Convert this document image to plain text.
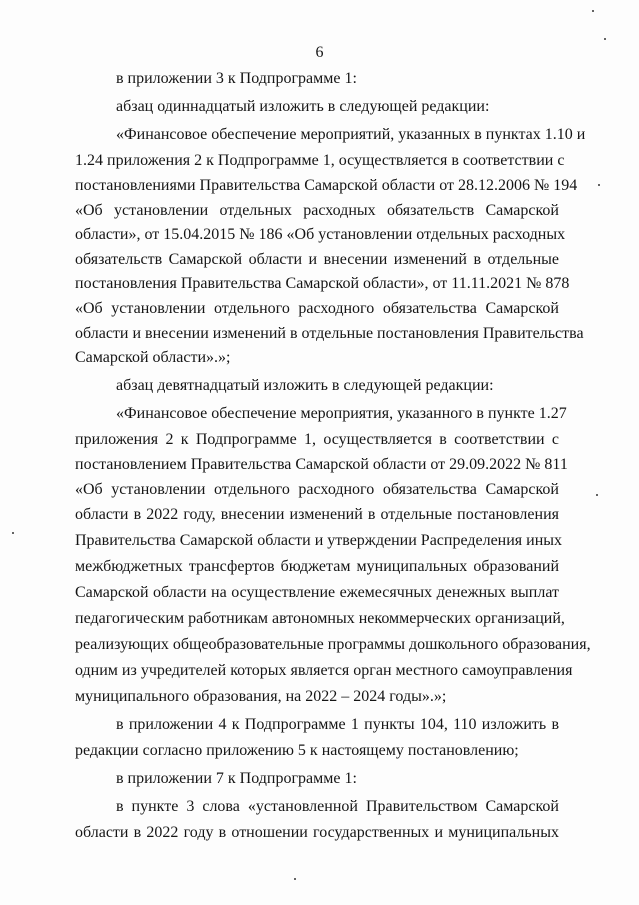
6
в приложении 3 к Подпрограмме 1:
абзац одиннадцатый изложить в следующей редакции:
«Финансовое обеспечение мероприятий, указанных в пунктах 1.10 и
1.24 приложения 2 к Подпрограмме 1, осуществляется в соответствии с
постановлениями Правительства Самарской области от 28.12.2006 № 194
«Об установлении отдельных расходных обязательств Самарской
области», от 15.04.2015 № 186 «Об установлении отдельных расходных
обязательств Самарской области и внесении изменений в отдельные
постановления Правительства Самарской области», от 11.11.2021 № 878
«Об установлении отдельного расходного обязательства Самарской
области и внесении изменений в отдельные постановления Правительства
Самарской области».»;
абзац девятнадцатый изложить в следующей редакции:
«Финансовое обеспечение мероприятия, указанного в пункте 1.27
приложения 2 к Подпрограмме 1, осуществляется в соответствии с
постановлением Правительства Самарской области от 29.09.2022 № 811
«Об установлении отдельного расходного обязательства Самарской
области в 2022 году, внесении изменений в отдельные постановления
Правительства Самарской области и утверждении Распределения иных
межбюджетных трансфертов бюджетам муниципальных образований
Самарской области на осуществление ежемесячных денежных выплат
педагогическим работникам автономных некоммерческих организаций,
реализующих общеобразовательные программы дошкольного образования,
одним из учредителей которых является орган местного самоуправления
муниципального образования, на 2022 – 2024 годы».»;
в приложении 4 к Подпрограмме 1 пункты 104, 110 изложить в
редакции согласно приложению 5 к настоящему постановлению;
в приложении 7 к Подпрограмме 1:
в пункте 3 слова «установленной Правительством Самарской
области в 2022 году в отношении государственных и муниципальных
